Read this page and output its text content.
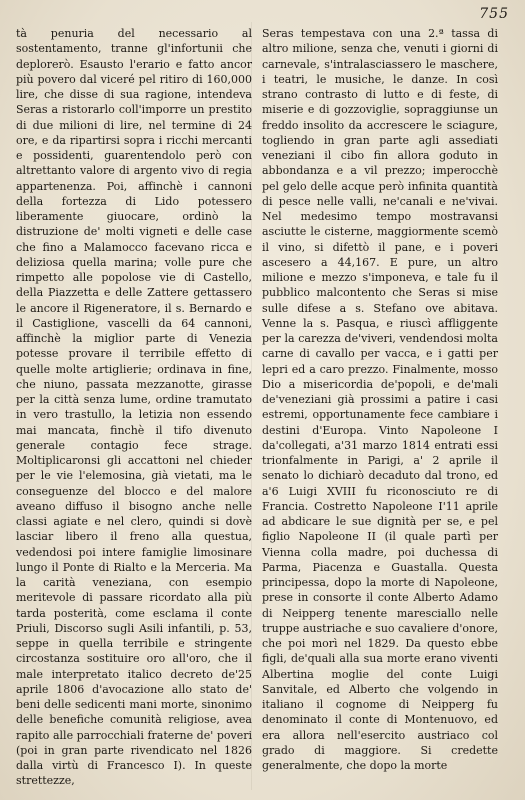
755

tà penuria del necessario al sostentamento, tranne gl'infortunii che deplorerò. Esausto l'erario e fatto ancor più povero dal viceré pel ritiro di 160,000 lire, che disse di sua ragione, intendeva Seras a ristorarlo coll'imporre un prestito di due milioni di lire, nel termine di 24 ore, e da ripartirsi sopra i ricchi mercanti e possidenti, guarentendolo però con altrettanto valore di argento vivo di regia appartenenza. Poi, affinchè i cannoni della fortezza di Lido potessero liberamente giuocare, ordinò la distruzione de' molti vigneti e delle case che fino a Malamocco facevano ricca e deliziosa quella marina; volle pure che rimpetto alle popolose vie di Castello, della Piazzetta e delle Zattere gettassero le ancore il Rigeneratore, il s. Bernardo e il Castiglione, vascelli da 64 cannoni, affinchè la miglior parte di Venezia potesse provare il terribile effetto di quelle molte artiglierie; ordinava in fine, che niuno, passata mezzanotte, girasse per la città senza lume, ordine tramutato in vero trastullo, la letizia non essendo mai mancata, finchè il tifo divenuto generale contagio fece strage. Moltiplicaronsi gli accattoni nel chieder per le vie l'elemosina, già vietati, ma le conseguenze del blocco e del malore aveano diffuso il bisogno anche nelle classi agiate e nel clero, quindi si dovè lasciar libero il freno alla questua, vedendosi poi intere famiglie limosinare lungo il Ponte di Rialto e la Merceria. Ma la carità veneziana, con esempio meritevole di passare ricordato alla più tarda posterità, come esclama il conte Priuli, Discorso sugli Asili infantili, p. 53, seppe in quella terribile e stringente circostanza sostituire oro all'oro, che il male interpretato italico decreto de'25 aprile 1806 d'avocazione allo stato de' beni delle sedicenti mani morte, sinonimo delle benefiche comunità religiose, avea rapito alle parrocchiali fraterne de' poveri (poi in gran parte rivendicato nel 1826 dalla virtù di Francesco I). In queste strettezze,

Seras tempestava con una 2.ª tassa di altro milione, senza che, venuti i giorni di carnevale, s'intralasciassero le maschere, i teatri, le musiche, le danze. In così strano contrasto di lutto e di feste, di miserie e di gozzoviglie, sopraggiunse un freddo insolito da accrescere le sciagure, togliendo in gran parte agli assediati veneziani il cibo fin allora goduto in abbondanza e a vil prezzo; imperocchè pel gelo delle acque però infinita quantità di pesce nelle valli, ne'canali e ne'vivai. Nel medesimo tempo mostravansi asciutte le cisterne, maggiormente scemò il vino, si difettò il pane, e i poveri ascesero a 44,167. E pure, un altro milione e mezzo s'imponeva, e tale fu il pubblico malcontento che Seras si mise sulle difese a s. Stefano ove abitava. Venne la s. Pasqua, e riuscì affliggente per la carezza de'viveri, vendendosi molta carne di cavallo per vacca, e i gatti per lepri ed a caro prezzo. Finalmente, mosso Dio a misericordia de'popoli, e de'mali de'veneziani già prossimi a patire i casi estremi, opportunamente fece cambiare i destini d'Europa. Vinto Napoleone I da'collegati, a'31 marzo 1814 entrati essi trionfalmente in Parigi, a' 2 aprile il senato lo dichiarò decaduto dal trono, ed a'6 Luigi XVIII fu riconosciuto re di Francia. Costretto Napoleone I'11 aprile ad abdicare le sue dignità per se, e pel figlio Napoleone II (il quale partì per Vienna colla madre, poi duchessa di Parma, Piacenza e Guastalla. Questa principessa, dopo la morte di Napoleone, prese in consorte il conte Alberto Adamo di Neipperg tenente maresciallo nelle truppe austriache e suo cavaliere d'onore, che poi morì nel 1829. Da questo ebbe figli, de'quali alla sua morte erano viventi Albertina moglie del conte Luigi Sanvitale, ed Alberto che volgendo in italiano il cognome di Neipperg fu denominato il conte di Montenuovo, ed era allora nell'esercito austriaco col grado di maggiore. Si credette generalmente, che dopo la morte
